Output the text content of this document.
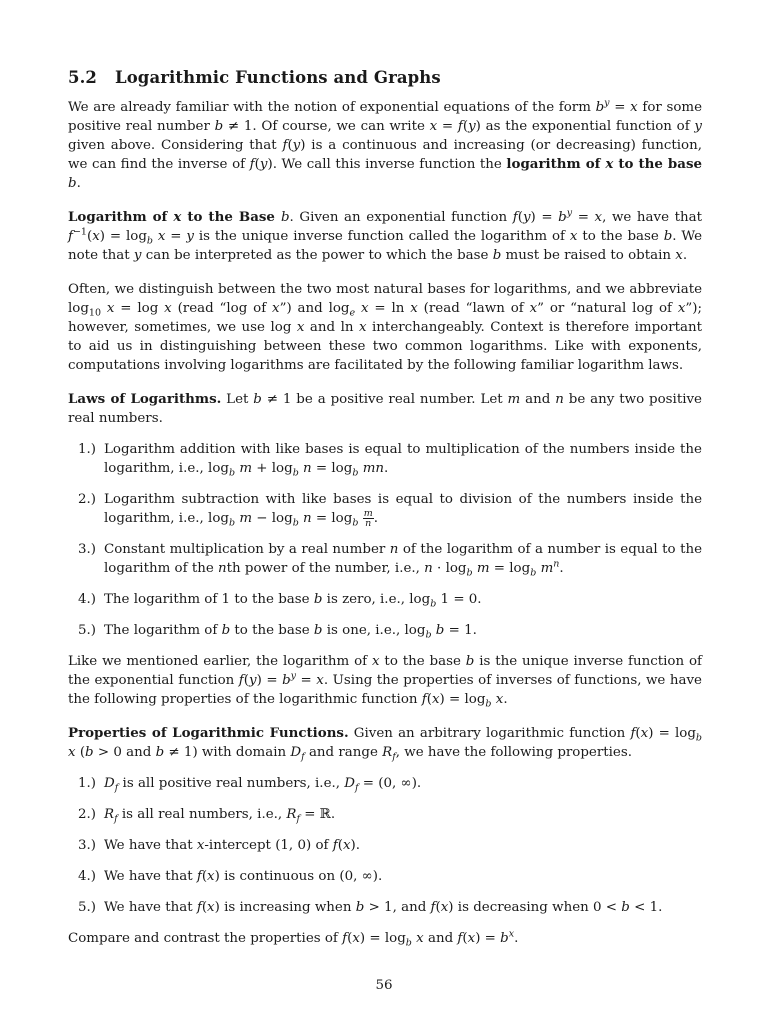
5.2 Logarithmic Functions and Graphs

We are already familiar with the notion of exponential equations of the form $b^y = x$ for some positive real number b ≠ 1. Of course, we can write x = f(y) as the exponential function of y given above. Considering that f(y) is a continuous and increasing (or decreasing) function, we can find the inverse of f(y). We call this inverse function the logarithm of x to the base b.

Logarithm of x to the Base b. Given an exponential function $f(y) = b^y = x$, we have that $f^{-1}(x) = \log_b x = y$ is the unique inverse function called the logarithm of x to the base b. We note that y can be interpreted as the power to which the base b must be raised to obtain x.

Often, we distinguish between the two most natural bases for logarithms, and we abbreviate $\log_{10} x = \log x$ (read “log of x”) and $\log_e x = \ln x$ (read “lawn of x” or “natural log of x”); however, sometimes, we use log x and ln x interchangeably. Context is therefore important to aid us in distinguishing between these two common logarithms. Like with exponents, computations involving logarithms are facilitated by the following familiar logarithm laws.

Laws of Logarithms. Let b ≠ 1 be a positive real number. Let m and n be any two positive real numbers.

1.) Logarithm addition with like bases is equal to multiplication of the numbers inside the logarithm, i.e., $\log_b m + \log_b n = \log_b$ mn.
2.) Logarithm subtraction with like bases is equal to division of the numbers inside the logarithm, i.e., $\log_b m - \log_b n = \log_b \frac{m}{n}$ .
3.) Constant multiplication by a real number n of the logarithm of a number is equal to the logarithm of the nth power of the number, i.e., $n \cdot \log_b m = \log_b m^n$.
4.) The logarithm of 1 to the base b is zero, i.e., $\log_b 1 = 0$.
5.) The logarithm of b to the base b is one, i.e., $\log_b b = 1$.

Like we mentioned earlier, the logarithm of x to the base b is the unique inverse function of the exponential function $f(y) = b^y = x$. Using the properties of inverses of functions, we have the following properties of the logarithmic function $f(x) = \log_b x$.

Properties of Logarithmic Functions. Given an arbitrary logarithmic function $f(x) = \log_b x$ (b > 0 and b ≠ 1) with domain $D_f$ and range $R_f$, we have the following properties.

1.) $D_f$ is all positive real numbers, i.e., $D_f = (0$, ∞).
2.) $R_f$ is all real numbers, i.e., $R_f$ = ℝ.
3.) We have that x-intercept (1, 0) of f(x).
4.) We have that f(x) is continuous on (0, ∞).
5.) We have that f(x) is increasing when b > 1, and f(x) is decreasing when 0 < b < 1.

Compare and contrast the properties of $f(x) = \log_b x$ and $f(x) = b^x$.

56
